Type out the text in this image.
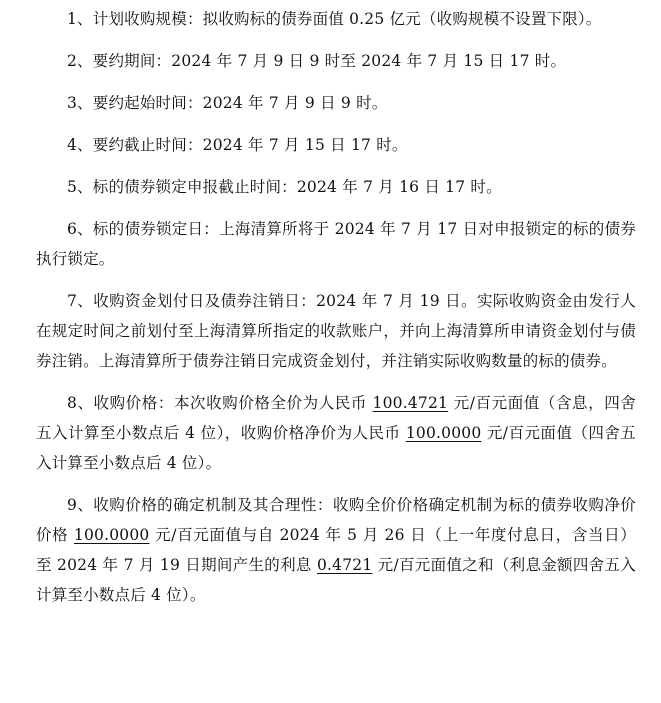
1、计划收购规模：拟收购标的债券面值 0.25 亿元（收购规模不设置下限）。

2、要约期间：2024 年 7 月 9 日 9 时至 2024 年 7 月 15 日 17 时。

3、要约起始时间：2024 年 7 月 9 日 9 时。

4、要约截止时间：2024 年 7 月 15 日 17 时。

5、标的债券锁定申报截止时间：2024 年 7 月 16 日 17 时。

6、标的债券锁定日：上海清算所将于 2024 年 7 月 17 日对申报锁定的标的债券执行锁定。

7、收购资金划付日及债券注销日：2024 年 7 月 19 日。实际收购资金由发行人在规定时间之前划付至上海清算所指定的收款账户，并向上海清算所申请资金划付与债券注销。上海清算所于债券注销日完成资金划付，并注销实际收购数量的标的债券。

8、收购价格：本次收购价格全价为人民币 100.4721 元/百元面值（含息，四舍五入计算至小数点后 4 位），收购价格净价为人民币 100.0000 元/百元面值（四舍五入计算至小数点后 4 位）。

9、收购价格的确定机制及其合理性：收购全价价格确定机制为标的债券收购净价价格 100.0000 元/百元面值与自 2024 年 5 月 26 日（上一年度付息日，含当日）至 2024 年 7 月 19 日期间产生的利息 0.4721 元/百元面值之和（利息金额四舍五入计算至小数点后 4 位）。
